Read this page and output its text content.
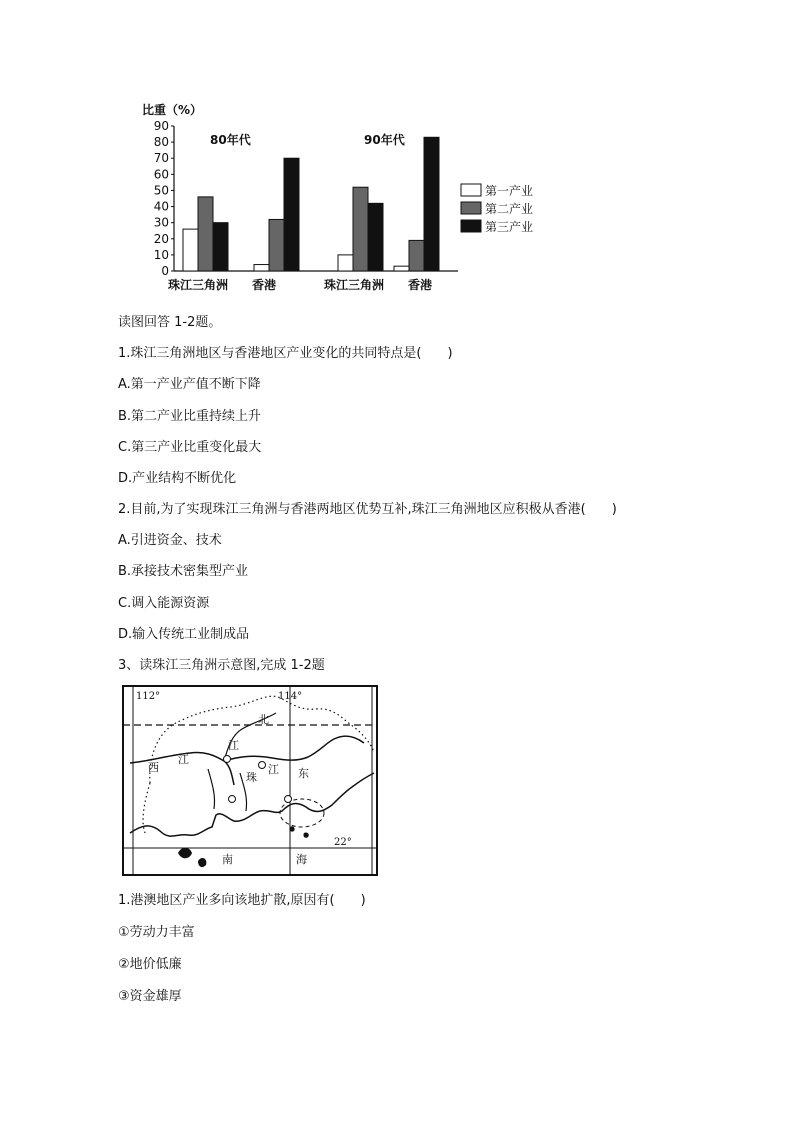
比重（%）
0
10
20
30
40
50
60
70
80
90
80年代	90年代
珠江三角洲 香港	珠江三角洲 香港
第一产业
第二产业
第三产业
读图回答 1-2题。
1.珠江三角洲地区与香港地区产业变化的共同特点是(　　)
A.第一产业产值不断下降
B.第二产业比重持续上升
C.第三产业比重变化最大
D.产业结构不断优化
2.目前,为了实现珠江三角洲与香港两地区优势互补,珠江三角洲地区应积极从香港(　　)
A.引进资金、技术
B.承接技术密集型产业
C.调入能源资源
D.输入传统工业制成品
3、读珠江三角洲示意图,完成 1-2题
112°	114°
22°
北
江
西
江
东
珠
江
南	海
1.港澳地区产业多向该地扩散,原因有(　　)
①劳动力丰富
②地价低廉
③资金雄厚
